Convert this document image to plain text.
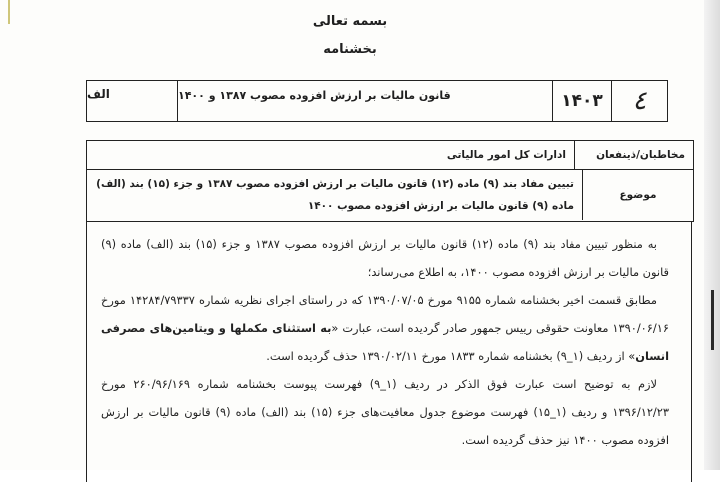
بسمه تعالی
بخشنامه
٤
۱۴۰۳
قانون مالیات بر ارزش افزوده مصوب ۱۳۸۷ و ۱۴۰۰
الف
مخاطبان/ذینفعان
ادارات کل امور مالیاتی
موضوع
تبیین مفاد بند (۹) ماده (۱۲) قانون مالیات بر ارزش افزوده مصوب ۱۳۸۷ و جزء (۱۵) بند (الف) ماده (۹) قانون مالیات بر ارزش افزوده مصوب ۱۴۰۰

به منظور تبیین مفاد بند (۹) ماده (۱۲) قانون مالیات بر ارزش افزوده مصوب ۱۳۸۷ و جزء (۱۵) بند (الف) ماده (۹) قانون مالیات بر ارزش افزوده مصوب ۱۴۰۰، به اطلاع می‌رساند؛

مطابق قسمت اخیر بخشنامه شماره ۹۱۵۵ مورخ ۱۳۹۰/۰۷/۰۵ که در راستای اجرای نظریه شماره ۱۴۲۸۴/۷۹۳۳۷ مورخ ۱۳۹۰/۰۶/۱۶ معاونت حقوقی رییس جمهور صادر گردیده است، عبارت «به استثنای مکملها و ویتامین‌های مصرفی انسان» از ردیف (۱_۹) بخشنامه شماره ۱۸۳۳ مورخ ۱۳۹۰/۰۲/۱۱ حذف گردیده است.

لازم به توضیح است عبارت فوق الذکر در ردیف (۱_۹) فهرست پیوست بخشنامه شماره ۲۶۰/۹۶/۱۶۹ مورخ ۱۳۹۶/۱۲/۲۳ و ردیف (۱_۱۵) فهرست موضوع جدول معافیت‌های جزء (۱۵) بند (الف) ماده (۹) قانون مالیات بر ارزش افزوده مصوب ۱۴۰۰ نیز حذف گردیده است.
